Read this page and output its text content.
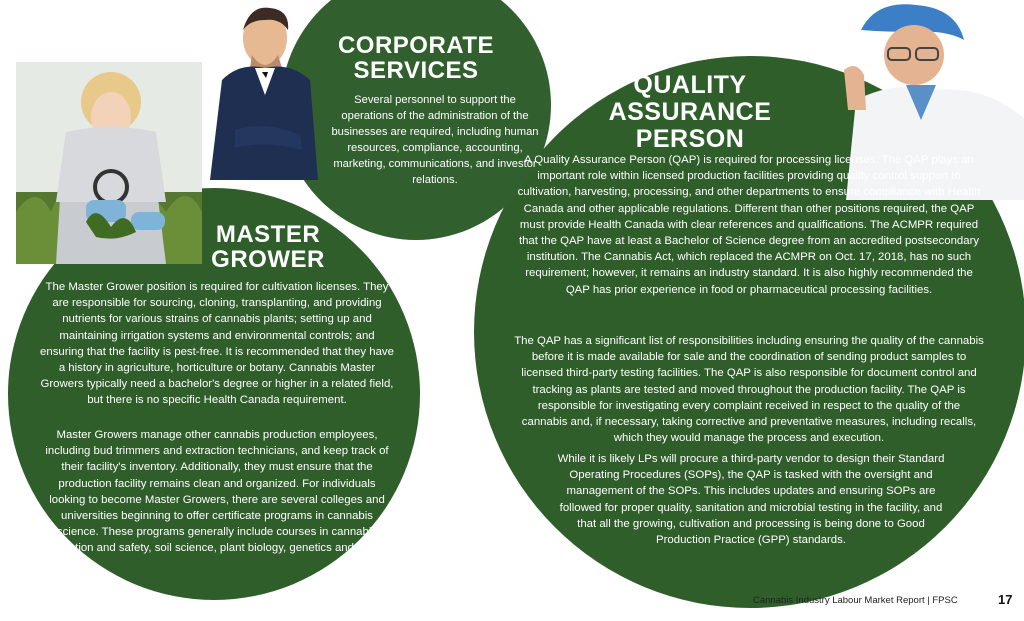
CORPORATE SERVICES
QUALITY ASSURANCE PERSON
MASTER GROWER
Several personnel to support the operations of the administration of the businesses are required, including human resources, compliance, accounting, marketing, communications, and investor relations.
The Master Grower position is required for cultivation licenses. They are responsible for sourcing, cloning, transplanting, and providing nutrients for various strains of cannabis plants; setting up and maintaining irrigation systems and environmental controls; and ensuring that the facility is pest-free. It is recommended that they have a history in agriculture, horticulture or botany. Cannabis Master Growers typically need a bachelor's degree or higher in a related field, but there is no specific Health Canada requirement.
Master Growers manage other cannabis production employees, including bud trimmers and extraction technicians, and keep track of their facility's inventory. Additionally, they must ensure that the production facility remains clean and organized. For individuals looking to become Master Growers, there are several colleges and universities beginning to offer certificate programs in cannabis science. These programs generally include courses in cannabis production and safety, soil science, plant biology, genetics and botany.
A Quality Assurance Person (QAP) is required for processing licenses. The QAP plays an important role within licensed production facilities providing quality control support to cultivation, harvesting, processing, and other departments to ensure compliance with Health Canada and other applicable regulations. Different than other positions required, the QAP must provide Health Canada with clear references and qualifications. The ACMPR required that the QAP have at least a Bachelor of Science degree from an accredited postsecondary institution. The Cannabis Act, which replaced the ACMPR on Oct. 17, 2018, has no such requirement; however, it remains an industry standard. It is also highly recommended the QAP has prior experience in food or pharmaceutical processing facilities.
The QAP has a significant list of responsibilities including ensuring the quality of the cannabis before it is made available for sale and the coordination of sending product samples to licensed third-party testing facilities. The QAP is also responsible for document control and tracking as plants are tested and moved throughout the production facility. The QAP is responsible for investigating every complaint received in respect to the quality of the cannabis and, if necessary, taking corrective and preventative measures, including recalls, which they would manage the process and execution.
While it is likely LPs will procure a third-party vendor to design their Standard Operating Procedures (SOPs), the QAP is tasked with the oversight and management of the SOPs. This includes updates and ensuring SOPs are followed for proper quality, sanitation and microbial testing in the facility, and that all the growing, cultivation and processing is being done to Good Production Practice (GPP) standards.
Cannabis Industry Labour Market Report | FPSC	17
